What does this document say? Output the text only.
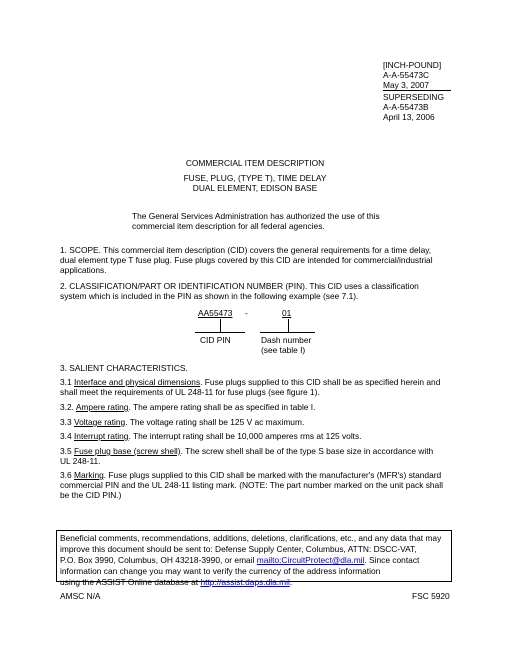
[INCH-POUND]
A-A-55473C
May 3, 2007
SUPERSEDING
A-A-55473B
April 13, 2006
COMMERCIAL ITEM DESCRIPTION
FUSE, PLUG, (TYPE T), TIME DELAY
DUAL ELEMENT, EDISON BASE
The General Services Administration has authorized the use of this
commercial item description for all federal agencies.
1. SCOPE. This commercial item description (CID) covers the general requirements for a time delay,
dual element type T fuse plug. Fuse plugs covered by this CID are intended for commercial/industrial
applications.
2. CLASSIFICATION/PART OR IDENTIFICATION NUMBER (PIN). This CID uses a classification
system which is included in the PIN as shown in the following example (see 7.1).
AA55473 -	01
CID PIN	Dash number
(see table I)
3. SALIENT CHARACTERISTICS.
3.1 Interface and physical dimensions. Fuse plugs supplied to this CID shall be as specified herein and
shall meet the requirements of UL 248-11 for fuse plugs (see figure 1).
3.2. Ampere rating. The ampere rating shall be as specified in table I.
3.3 Voltage rating. The voltage rating shall be 125 V ac maximum.
3.4 Interrupt rating. The interrupt rating shall be 10,000 amperes rms at 125 volts.
3.5 Fuse plug base (screw shell). The screw shell shall be of the type S base size in accordance with
UL 248-11.
3.6 Marking. Fuse plugs supplied to this CID shall be marked with the manufacturer's (MFR's) standard
commercial PIN and the UL 248-11 listing mark. (NOTE: The part number marked on the unit pack shall
be the CID PIN.)
Beneficial comments, recommendations, additions, deletions, clarifications, etc., and any data that may
improve this document should be sent to: Defense Supply Center, Columbus, ATTN: DSCC-VAT,
P.O. Box 3990, Columbus, OH 43218-3990, or email mailto:CircuitProtect@dla.mil. Since contact
information can change you may want to verify the currency of the address information
using the ASSIST Online database at http://assist.daps.dla.mil.
AMSC N/A	FSC 5920
